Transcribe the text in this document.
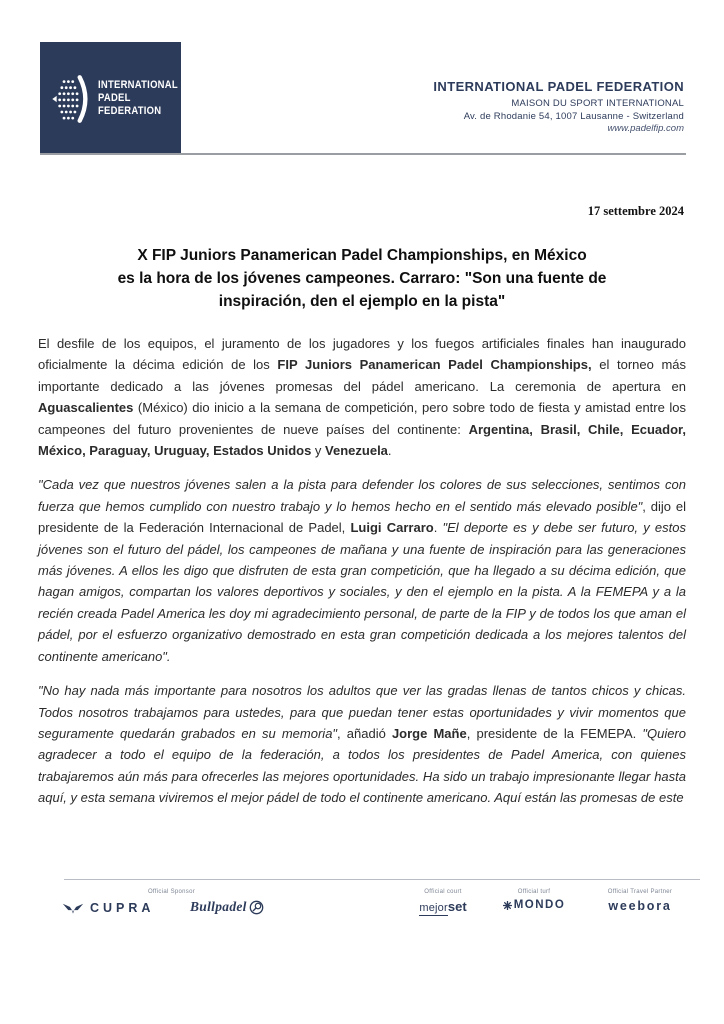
INTERNATIONAL
PADEL
FEDERATION
INTERNATIONAL PADEL FEDERATION
MAISON DU SPORT INTERNATIONAL
Av. de Rhodanie 54, 1007 Lausanne - Switzerland
www.padelfip.com
17 settembre 2024
X FIP Juniors Panamerican Padel Championships, en México
es la hora de los jóvenes campeones. Carraro: "Son una fuente de
inspiración, den el ejemplo en la pista"

El desfile de los equipos, el juramento de los jugadores y los fuegos artificiales finales han inaugurado oficialmente la décima edición de los FIP Juniors Panamerican Padel Championships, el torneo más importante dedicado a las jóvenes promesas del pádel americano. La ceremonia de apertura en Aguascalientes (México) dio inicio a la semana de competición, pero sobre todo de fiesta y amistad entre los campeones del futuro provenientes de nueve países del continente: Argentina, Brasil, Chile, Ecuador, México, Paraguay, Uruguay, Estados Unidos y Venezuela.

"Cada vez que nuestros jóvenes salen a la pista para defender los colores de sus selecciones, sentimos con fuerza que hemos cumplido con nuestro trabajo y lo hemos hecho en el sentido más elevado posible", dijo el presidente de la Federación Internacional de Padel, Luigi Carraro. "El deporte es y debe ser futuro, y estos jóvenes son el futuro del pádel, los campeones de mañana y una fuente de inspiración para las generaciones más jóvenes. A ellos les digo que disfruten de esta gran competición, que ha llegado a su décima edición, que hagan amigos, compartan los valores deportivos y sociales, y den el ejemplo en la pista. A la FEMEPA y a la recién creada Padel America les doy mi agradecimiento personal, de parte de la FIP y de todos los que aman el pádel, por el esfuerzo organizativo demostrado en esta gran competición dedicada a los mejores talentos del continente americano".

"No hay nada más importante para nosotros los adultos que ver las gradas llenas de tantos chicos y chicas. Todos nosotros trabajamos para ustedes, para que puedan tener estas oportunidades y vivir momentos que seguramente quedarán grabados en su memoria", añadió Jorge Mañe, presidente de la FEMEPA. "Quiero agradecer a todo el equipo de la federación, a todos los presidentes de Padel America, con quienes trabajaremos aún más para ofrecerles las mejores oportunidades. Ha sido un trabajo impresionante llegar hasta aquí, y esta semana viviremos el mejor pádel de todo el continente americano. Aquí están las promesas de este

Official Sponsor
CUPRA	Bullpadel
Official court
mejorset
Official turf
MONDO
Official Travel Partner
weebora
